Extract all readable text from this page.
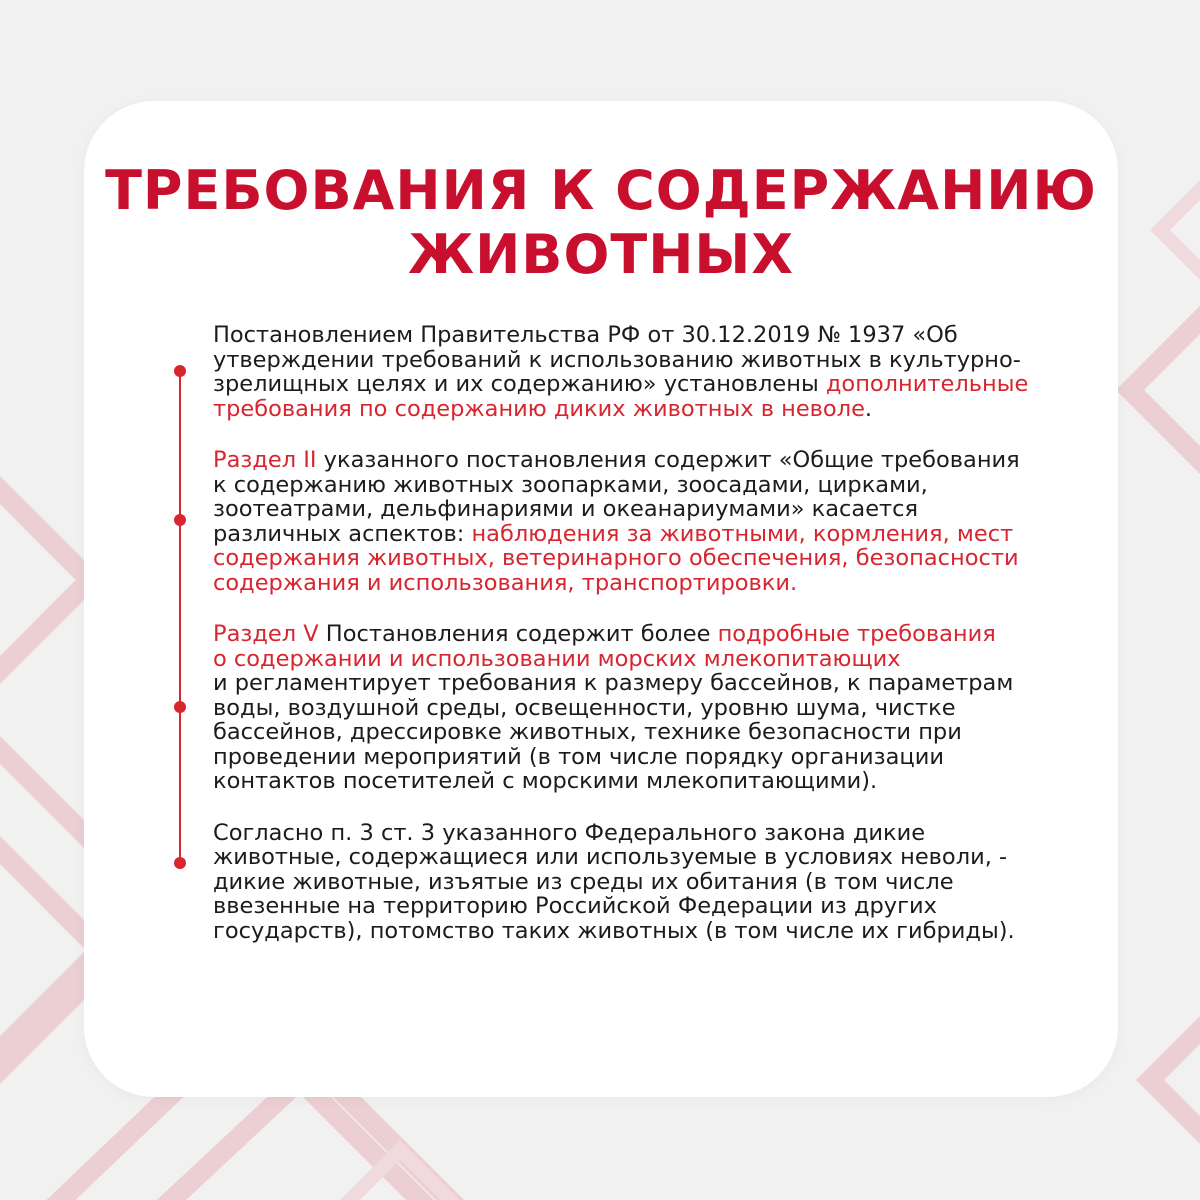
ТРЕБОВАНИЯ К СОДЕРЖАНИЮ
ЖИВОТНЫХ

Постановлением Правительства РФ от 30.12.2019 № 1937 «Об
утверждении требований к использованию животных в культурно-
зрелищных целях и их содержанию» установлены дополнительные
требования по содержанию диких животных в неволе.

Раздел II указанного постановления содержит «Общие требования
к содержанию животных зоопарками, зоосадами, цирками,
зоотеатрами, дельфинариями и океанариумами» касается
различных аспектов: наблюдения за животными, кормления, мест
содержания животных, ветеринарного обеспечения, безопасности
содержания и использования, транспортировки.

Раздел V Постановления содержит более подробные требования
о содержании и использовании морских млекопитающих
и регламентирует требования к размеру бассейнов, к параметрам
воды, воздушной среды, освещенности, уровню шума, чистке
бассейнов, дрессировке животных, технике безопасности при
проведении мероприятий (в том числе порядку организации
контактов посетителей с морскими млекопитающими).

Согласно п. 3 ст. 3 указанного Федерального закона дикие
животные, содержащиеся или используемые в условиях неволи, -
дикие животные, изъятые из среды их обитания (в том числе
ввезенные на территорию Российской Федерации из других
государств), потомство таких животных (в том числе их гибриды).
